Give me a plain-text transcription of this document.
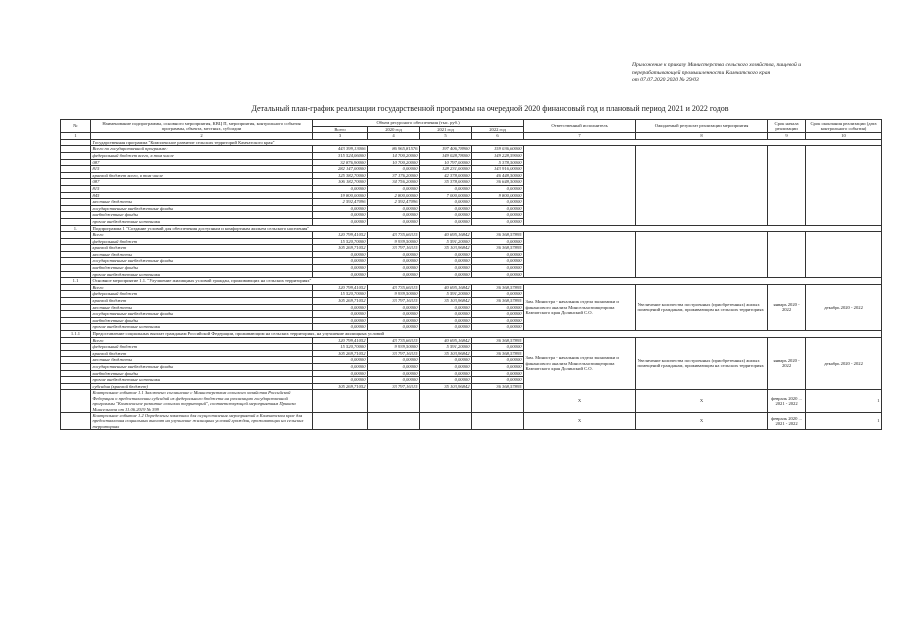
Приложение к приказу Министерства сельского хозяйства, пищевой и
перерабатывающей промышленности Камчатского края
от 07.07.2020 2020 № 29/03
Детальный план-график реализации государственной программы на очередной 2020 финансовый год и плановый период 2021 и 2022 годов
№	Наименование подпрограммы, основного мероприятия, КВЦ П, мероприятия, контрольного события программы, объекта, местных, субсидии	Объем ресурсного обеспечения (тыс. руб.)				Ответственный исполнитель	Ожидаемый результат реализации мероприятия	Срок начала реализации	Срок окончания реализации (дата контрольного события)
		Всего	2020 год	2021 год	2022 год				
1	2	3	4	5	6	7	8	9	10
	Государственная программа "Комплексное развитие сельских территорий Камчатского края"								
	Всего по государственной программе:	443 399,13006	86 965,81576	197 406,78900	159 036,60000				
	федеральный бюджет всего, в том числе	315 524,06000	14 700,20000	149 028,78000	149 228,59000				
	087	32 876,90000	10 700,20000	10 797,00000	5 378,50000				
	815	282 147,00000	0,00000	128 231,00000	143 916,00000				
	краевой бюджет всего, в том числе	125 382,70000	37 176,20000	42 378,00000	46 448,50000				
	087	106 182,70000	34 756,20000	35 378,00000	36 648,50000				
	815	0,00000	0,00000	0,00000	0,00000				
	845	19 800,00000	2 800,00000	7 000,00000	9 800,00000				
	местные бюджеты	2 592,47096	2 592,47096	0,00000	0,00000				
	государственные внебюджетные фонды	0,00000	0,00000	0,00000	0,00000				
	внебюджетные фонды	0,00000	0,00000	0,00000	0,00000				
	прочие внебюджетные источники	0,00000	0,00000	0,00000	0,00000				
1.	Подпрограмма 1 "Создание условий для обеспечения доступным и комфортным жильем сельского населения"								
	Всего	120 799,41052	43 735,66315	40 695,16842	36 368,57895				
	федеральный бюджет	15 520,70000	9 939,50000	5 591,20000	0,00000				
	краевой бюджет	105 269,71052	33 797,16315	35 103,96842	36 368,57895				
	местные бюджеты	0,00000	0,00000	0,00000	0,00000				
	государственные внебюджетные фонды	0,00000	0,00000	0,00000	0,00000				
	внебюджетные фонды	0,00000	0,00000	0,00000	0,00000				
	прочие внебюджетные источники	0,00000	0,00000	0,00000	0,00000				
1.1	Основное мероприятие 1.1. "Улучшение жилищных условий граждан, проживающих на сельских территориях"								
	Всего	120 799,41052	43 735,66315	40 695,16842	36 368,57895	Зам. Министра - начальник отдела экономики и финансового анализа Минсельхозпищепрома Камчатского края Долинский С.О.	Увеличение количества построенных (приобретенных) жилых помещений гражданам, проживающим на сельских территориях	январь 2020 - 2022	декабрь 2020 - 2022
	федеральный бюджет	15 520,70000	9 939,50000	5 591,20000	0,00000				
	краевой бюджет	105 269,71052	33 797,16315	35 103,96842	36 368,57895				
	местные бюджеты	0,00000	0,00000	0,00000	0,00000				
	государственные внебюджетные фонды	0,00000	0,00000	0,00000	0,00000				
	внебюджетные фонды	0,00000	0,00000	0,00000	0,00000				
	прочие внебюджетные источники	0,00000	0,00000	0,00000	0,00000				
1.1.1	Предоставление социальных выплат гражданам Российской Федерации, проживающим на сельских территориях, на улучшение жилищных условий								
	Всего	120 799,41052	43 735,66315	40 695,16842	36 368,57895	Зам. Министра - начальник отдела экономики и финансового анализа Минсельхозпищепрома Камчатского края Долинский С.О.	Увеличение количества построенных (приобретенных) жилых помещений гражданам, проживающим на сельских территориях	январь 2020 - 2022	декабрь 2020 - 2022
	федеральный бюджет	15 520,70000	9 939,50000	5 591,20000	0,00000				
	краевой бюджет	105 269,71052	33 797,16315	35 103,96842	36 368,57895				
	местные бюджеты	0,00000	0,00000	0,00000	0,00000				
	государственные внебюджетные фонды	0,00000	0,00000	0,00000	0,00000				
	внебюджетные фонды	0,00000	0,00000	0,00000	0,00000				
	прочие внебюджетные источники	0,00000	0,00000	0,00000	0,00000				
	субсидия (краевой бюджет)	105 269,71052	33 797,16315	35 103,96842	36 368,57895				
	Контрольное событие 1.1 Заключено соглашение с Министерством сельского хозяйства Российской Федерации о предоставлении субсидий из федерального бюджета на реализацию государственной программы "Комплексное развитие сельских территорий", соответствующей мероприятиям Приказа Минсельхоза от 11.06.2019 № 399					X	X	февраль 2020 ... 2021 - 2022	1
	Контрольное событие 1.2 Определены заказчики для осуществления мероприятий в Камчатском крае для предоставления социальных выплат на улучшение жилищных условий граждан, проживающих на сельских территориях					X	X	февраль 2020 ... 2021 - 2022	1
